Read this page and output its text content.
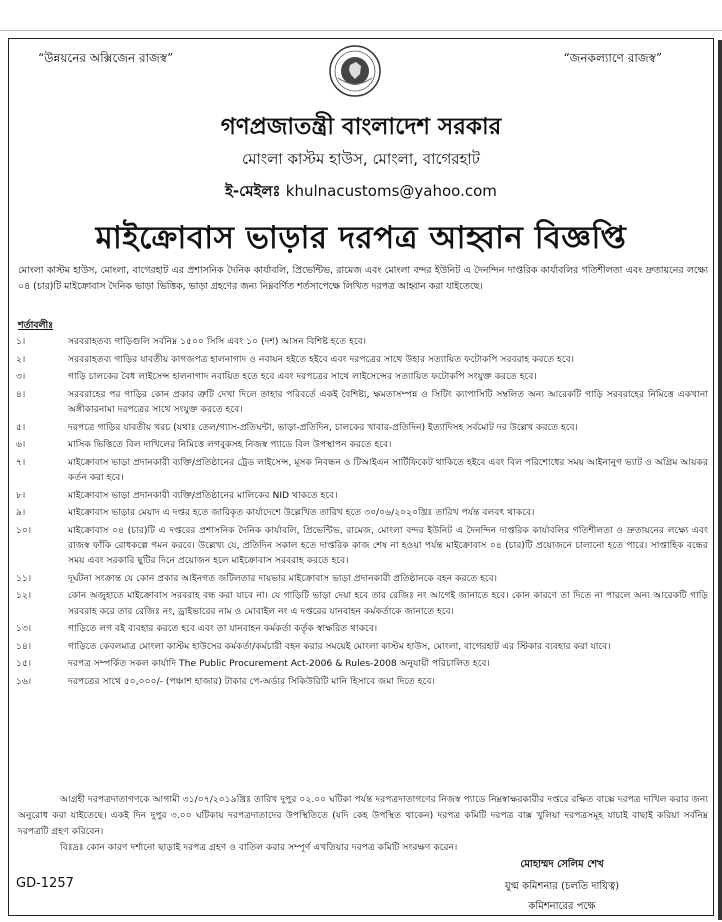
“উন্নয়নের অক্সিজেন রাজস্ব”	“জনকল্যাণে রাজস্ব”
গণপ্রজাতন্ত্রী বাংলাদেশ সরকার
মোংলা কাস্টম হাউস, মোংলা, বাগেরহাট
ই-মেইলঃ khulnacustoms@yahoo.com
মাইক্রোবাস ভাড়ার দরপত্র আহ্বান বিজ্ঞপ্তি
মোংলা কাস্টম হাউস, মোংলা, বাগেরহাট এর প্রশাসনিক দৈনিক কার্যাবলি, প্রিভেন্টিভ, রামেজ এবং মোংলা বন্দর ইউনিট এ দৈনন্দিন দাপ্তরিক কার্যাবলির গতিশীলতা এবং দ্রুতায়নের লক্ষ্যে ০৪ (চার)টি মাইক্রোবাস দৈনিক ভাড়া ভিত্তিক, ভাড়া গ্রহণের জন্য নিম্নবর্ণিত শর্তসাপেক্ষে লিখিত দরপত্র আহ্বান করা যাইতেছে।
শর্তাবলীঃ
১।	সরবরাহতব্য গাড়িগুলি সর্বনিম্ন ১৫০০ সিসি এবং ১০ (দশ) আসন বিশিষ্ট হতে হবে।
২।	সরবরাহতব্য গাড়ির যাবতীয় কাগজপত্র হালনাগাদ ও নবায়ন হইতে হইবে এবং দরপত্রের সাথে উহার সত্যায়িত ফটোকপি সরবরাহ করতে হবে।
৩।	গাড়ি চালকের বৈধ লাইসেন্স হালনাগাদ নবায়িত হতে হবে এবং দরপত্রের সাথে লাইসেন্সের সত্যায়িত ফটোকপি সংযুক্ত করতে হবে।
৪।	সরবরাহের পর গাড়ির কোন প্রকার ত্রুটি দেখা দিলে তাহার পরিবর্তে একই বৈশিষ্ট্য, ক্ষমতাসম্পন্ন ও সিটিং ক্যাপাসিটি সম্বলিত অন্য আরেকটি গাড়ি সরবরাহের নিমিত্তে একখানা অঙ্গীকারনামা দরপত্রের সাথে সংযুক্ত করতে হবে।
৫।	দরপত্রে গাড়ির যাবতীয় খরচ (যথাঃ তেল/গ্যাস-প্রতিঘন্টা, ভাড়া-প্রতিদিন, চালকের খাবার-প্রতিদিন) ইত্যাদিসহ সর্বমোট দর উল্লেখ করতে হবে।
৬।	মাসিক ভিত্তিতে বিল দাখিলের নিমিত্তে লগবুকসহ নিজস্ব প্যাডে বিল উপস্থাপন করতে হবে।
৭।	মাইক্রোবাস ভাড়া প্রদানকারী ব্যক্তি/প্রতিষ্ঠানের ট্রেড লাইসেন্স, মূসক নিবন্ধন ও টিআইএন সার্টিফিকেট থাকিতে হইবে এবং বিল পরিশোধের সময় আইনানুগ ভ্যাট ও অগ্রিম আয়কর কর্তন করা হবে।
৮।	মাইক্রোবাস ভাড়া প্রদানকারী ব্যক্তি/প্রতিষ্ঠানের মালিকের NID থাকতে হবে।
৯।	মাইক্রোবাস ভাড়ার মেয়াদ এ দপ্তর হতে জারিকৃত কার্যাদেশে উল্লেখিত তারিখ হতে ৩০/০৬/২০২০খ্রিঃ তারিখ পর্যন্ত বলবৎ থাকবে।
১০।	মাইক্রোবাস ০৪ (চার)টি এ দপ্তরের প্রশাসনিক দৈনিক কার্যাবলি, প্রিভেন্টিভ, রামেজ, মোংলা বন্দর ইউনিট এ দৈনন্দিন দাপ্তরিক কার্যাবলির গতিশীলতা ও দ্রুতায়নের লক্ষ্যে এবং রাজস্ব ফাঁকি রোধকল্পে গমন করবে। উল্লেখ্য যে, প্রতিদিন সকাল হতে দাপ্তরিক কাজ শেষ না হওয়া পর্যন্ত মাইক্রোবাস ০৪ (চার)টি প্রয়োজনে চালানো হতে পারে। সাপ্তাহিক বন্ধের সময় এবং সরকারি ছুটির দিনে প্রয়োজন হলে মাইক্রোবাস সরবরাহ করতে হবে।
১১।	দূর্ঘটনা সংক্রান্ত যে কোন প্রকার আইনগত জটিলতার দায়ভার মাইক্রোবাস ভাড়া প্রদানকারী প্রতিষ্ঠানকে বহন করতে হবে।
১২।	কোন অজুহাতে মাইক্রোবাস সরবরাহ বন্ধ করা যাবে না। যে গাড়িটি ভাড়া দেয়া হবে তার রেজিঃ নং আগেই জানাতে হবে। কোন কারণে তা দিতে না পারলে অন্য আরেকটি গাড়ি সরবরাহ করে তার রেজিঃ নং, ড্রাইভারের নাম ও মোবাইল নং এ দপ্তরের যানবাহন কর্মকর্তাকে জানাতে হবে।
১৩।	গাড়িতে লগ বই ব্যবহার করতে হবে এবং তা যানবাহন কর্মকর্তা কর্তৃক স্বাক্ষরিত থাকবে।
১৪।	গাড়িতে কেবলমাত্র মোংলা কাস্টম হাউসের কর্মকর্তা/কর্মচারী বহন করার সময়েই মোংলা কাস্টম হাউস, মোংলা, বাগেরহাট এর স্টিকার ব্যবহার করা যাবে।
১৫।	দরপত্র সম্পর্কিত সকল কার্যাদি The Public Procurement Act-2006 & Rules-2008 অনুযায়ী পরিচালিত হবে।
১৬।	দরপত্রের সাথে ৫০,০০০/- (পঞ্চাশ হাজার) টাকার পে-অর্ডার সিকিউরিটি মানি হিসাবে জমা দিতে হবে।

আগ্রহী দরপত্রদাতাগণকে আগামী ৩১/০৭/২০১৯খ্রিঃ তারিখ দুপুর ০২.০০ ঘটিকা পর্যন্ত দরপত্রদাতাগণের নিজস্ব প্যাডে নিম্নস্বাক্ষরকারীর দপ্তরে রক্ষিত বাক্সে দরপত্র দাখিল করার জন্য অনুরোধ করা যাইতেছে। একই দিন দুপুর ৩.০০ ঘটিকায় দরপত্রদাতাদের উপস্থিতিতে (যদি কেহ উপস্থিত থাকেন) দরপত্র কমিটি দরপত্র বাক্স খুলিয়া দরপত্রসমূহ যাচাই বাছাই করিয়া সর্বনিম্ন দরপত্রটি গ্রহণ করিবেন।

বিঃদ্রঃ কোন কারণ দর্শানো ছাড়াই দরপত্র গ্রহণ ও বাতিল করার সম্পূর্ণ এখতিয়ার দরপত্র কমিটি সংরক্ষণ করেন।

মোহাম্মদ সেলিম শেখ
যুগ্ম কমিশনার (চলতি দায়িত্ব)
কমিশনারের পক্ষে
GD-1257
